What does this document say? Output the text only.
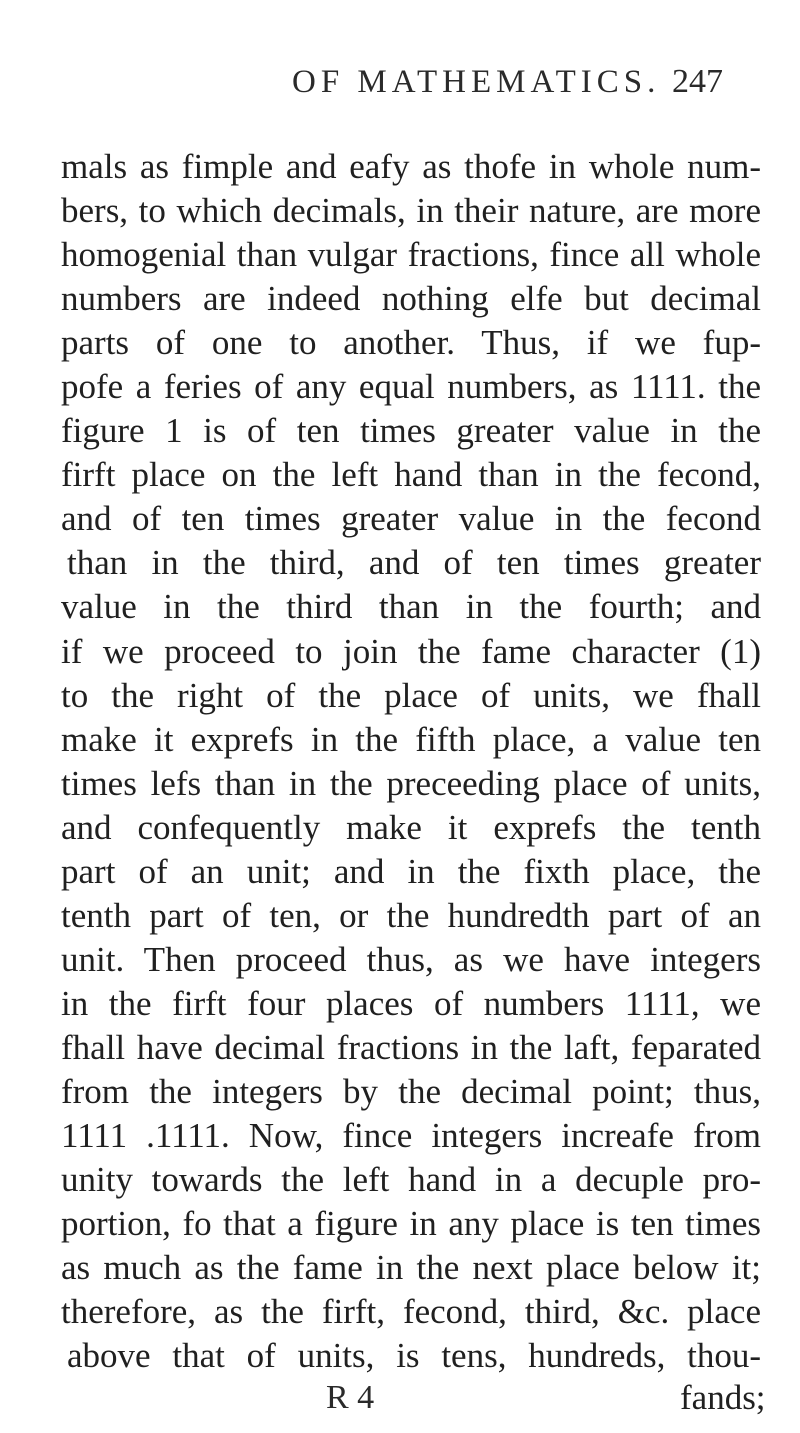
OF MATHEMATICS. 247
mals as fimple and eafy as thofe in whole num-
bers, to which decimals, in their nature, are more
homogenial than vulgar fractions, fince all whole
numbers are indeed nothing elfe but decimal
parts of one to another. Thus, if we fup-
pofe a feries of any equal numbers, as 1111. the
figure 1 is of ten times greater value in the
firft place on the left hand than in the fecond,
and of ten times greater value in the fecond
than in the third, and of ten times greater
value in the third than in the fourth; and
if we proceed to join the fame character (1)
to the right of the place of units, we fhall
make it exprefs in the fifth place, a value ten
times lefs than in the preceeding place of units,
and confequently make it exprefs the tenth
part of an unit; and in the fixth place, the
tenth part of ten, or the hundredth part of an
unit. Then proceed thus, as we have integers
in the firft four places of numbers 1111, we
fhall have decimal fractions in the laft, feparated
from the integers by the decimal point; thus,
1111 .1111. Now, fince integers increafe from
unity towards the left hand in a decuple pro-
portion, fo that a figure in any place is ten times
as much as the fame in the next place below it;
therefore, as the firft, fecond, third, &c. place
above that of units, is tens, hundreds, thou-
R 4	fands;
